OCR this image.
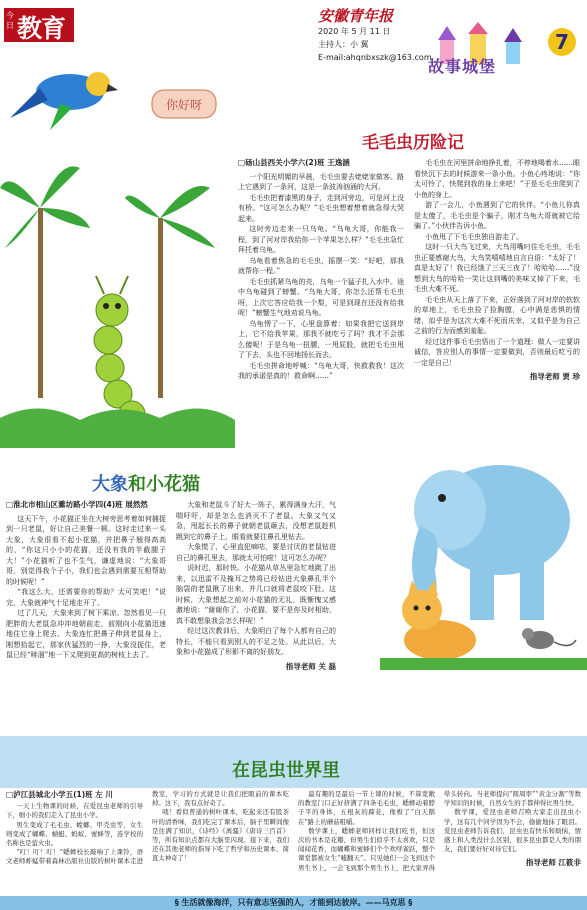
今日 教育	安徽青年报
2020 年 5 月 11 日
主持人：小 翼
E-mail:ahqnbxszk@163.com
故事城堡
7
你好呀
毛毛虫历险记
□砀山县西关小学六(2)班 王逸涵

一个阳光明媚的早晨，毛毛虫要去姥姥家做客。路上它遇到了一条河，这是一条波涛汹涌的大河。

毛毛虫把着漆黑的身子，走到河旁边，可是河上没有桥。“这可怎么办呢？”毛毛虫想着想着就急得大哭起来。

这时旁边走来一只乌龟。“乌龟大哥，你能我一程，到了河对岸我给你一个苹果怎么样？”毛毛虫急忙拜托着乌龟。

乌龟看着焦急的毛毛虫，摇摆一笑：“好吧，那我就帮你一程。”

毛毛虫抓紧乌龟的壳，乌龟一个猛子扎入水中。途中乌龟碰到了螃蟹。“乌龟大哥，你怎么还帮毛毛虫呀，上次它答应给我一个梨，可是到现在还没有给我呢！”螃蟹生气地劝说乌龟。

乌龟愣了一下，心里盘算着：如果我把它送到岸上，它不给我苹果，那我不就吃亏了吗？我才不会那么傻呢！于是乌龟一扭腰，一甩屁股，就把毛毛虫甩了下去，头也不回地扬长而去。

毛毛虫拼命地呼喊：“乌龟大哥，快救救我！这次我的承诺是真的！救命啊……”

毛毛虫在河里拼命地挣扎着，不停地喝着水……眼看快沉下去的时候游来一条小鱼。小鱼心疼地说：“你太可怜了，快爬到我的身上来吧！”于是毛毛虫爬到了小鱼的身上。

游了一会儿，小鱼遇到了它的伙伴。“小鱼儿你真是太傻了，毛毛虫是个骗子，刚才乌龟大哥就被它给骗了。”小伙伴告诉小鱼。

小鱼甩了下毛毛虫独自游走了。

这时一只大鸟飞过来，大鸟用嘴叼住毛毛虫，毛毛虫正要感谢大鸟，大鸟笑嘻嘻地自言自语：“太好了！真是太好了！我已经饿了三天三夜了！哈哈哈……”没想到大鸟的哈哈一笑让这到嘴的美味又掉了下来，毛毛虫大难不死。

毛毛虫从天上落了下来，正好落到了河对岸的软软的草地上，毛毛虫捡了捡胸膛，心中满是悲惧的情绪，似乎是为这次大难不死而庆幸，又似乎是为自己之前的行为而感到羞耻。

经过这件事毛毛虫悟出了一个道理：做人一定要讲诚信，答应别人的事情一定要做到，否则最后吃亏的一定是自己！

指导老师 贾 珍
大象和小花猫
□淮北市相山区濉坊路小学四(4)班 展然然

这天下午，小花猫正坐在大树旁思考着如何捕捉到一只老鼠，好让自己美餐一顿。这时走过来一头大象，大象很看不起小花猫，并把鼻子翘得高高的，“你这只小小的花猫，还没有我的半截腿子大！”小花猫听了也不生气，谦虚地说：“大象哥哥，别觉得我个子小，我们也会遇到需要互相帮助的时候呢！”

“我这么大，还需要你的帮助？太可笑吧！”说完，大象就神气十足地走开了。

过了几天，大象来到了树下乘凉。忽然看见一只肥胖的大老鼠急冲冲地朝前走，前刚向小花猫迅速地住它身上爬去。大象连忙把鼻子伸到老鼠身上，刚想抬起它，那家伙猛烈的一挣，大象没捉住，老鼠已经“哧溜”地一下又爬到更高的树枝上去了。

大象和老鼠斗了好大一阵子，累得满身大汗，气喘吁吁，却是怎么也消灭不了老鼠。大象又气又急，甩起长长的鼻子就朝老鼠砸去，没想老鼠趁机跳到它的鼻子上，眼看就要往鼻孔里钻去。

大象慌了，心里直犯嘀咕，要是讨厌的老鼠钻进自己的鼻孔里去，那就太可怕啦！这可怎么办呢？

说时迟，那时快。小花猫从草丛里急忙地跳了出来，以迅雷不及掩耳之势将已经钻进大象鼻孔半个脑袋的老鼠揪了出来，并几口就将老鼠咬下肚。这时候，大象想起之前对小花猫的无礼，既惭愧又感激地说：“谢谢你了，小花猫，要不是你及时相助，真不敢想象我会怎么样呢！”

经过这次教训后，大象明白了每个人都有自己的特长，不能只看到别人的不足之处。从此以后，大象和小花猫成了形影不离的好朋友。

指导老师 关 磊
在昆虫世界里
□泸江县城北小学五(1)班 左 川

一天上生物课的时候，在爱昆虫老师的引导下，细小的我们走入了昆虫小学。

男生变成了毛毛虫、螳螂、甲壳虫等，女生则变成了蝴蝶、蜻蜓、蚂蚁、蜜蜂等，连学校的名称也是萤火虫。

“叮！叮！叮！”蟋蟀校长敲响了上课铃，语文老师蚱蜢带着森林出版社出版的树叶课本走进教室，学习的方式就是让我们把眼前的课本吃掉。这下，我有点好奇了。

咦！看似普通的树叶课本，吃起来还有股茶叶的清香味，我们吃完了课本后，脑子里瞬间像是往满了知识，《诗经》《离骚》《唐诗三百首》等，所有知识点都在大脑里闪现。接下来，我们还在其他老师的指导下吃了哲学和历史课本，简直太神奇了！

最有趣的是最后一节上课的时候，不算宽敞的教室门口正好挤满了四条毛毛虫，蟋蟀动着脖子平的身体，五根灰的蹄花，像极了“白天鹅在”路上的蘑菇咀嚼。

数学课上，蟋蟀老师同样让我们吃书，但这次的书本是花瓣，但男生们似乎不太喜欢，只是闻闻花香，而蝴蝶和蜜蜂们个个欢呼雀跃，整个课堂都被女生“嘘翻天”。只见她们一会飞到这个男生书上，一会飞到那个男生书上，把大家弄得晕头转向。当老师提问“圆周率”“黄金分割”等数学知识的时候，自然女生的手都伸得比男生快。

数学课，爱昆虫老师召唤大家走出昆虫小学，这有几个同学因为不会，偷偷地抹了眼泪。爱昆虫老师告诉我们，昆虫也有快乐和烦恼，情感上和人类没什么区别，很多昆虫都是人类的朋友，我们要好好对待它们。

指导老师 江筱非
§ 生活就像海洋，只有意志坚强的人，才能到达彼岸。——马克思 §
